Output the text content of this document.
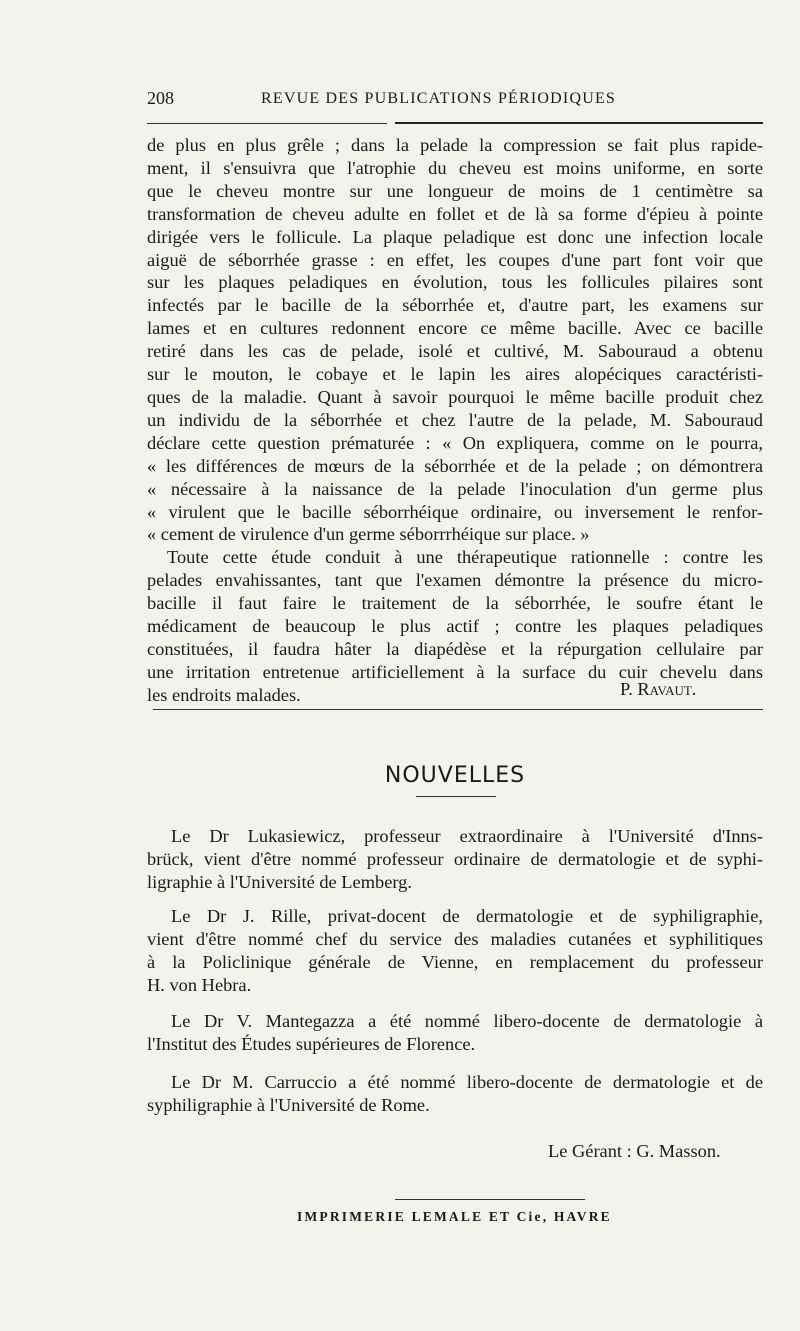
208	REVUE DES PUBLICATIONS PÉRIODIQUES
de plus en plus grêle ; dans la pelade la compression se fait plus rapide-
ment, il s'ensuivra que l'atrophie du cheveu est moins uniforme, en sorte
que le cheveu montre sur une longueur de moins de 1 centimètre sa
transformation de cheveu adulte en follet et de là sa forme d'épieu à pointe
dirigée vers le follicule. La plaque peladique est donc une infection locale
aiguë de séborrhée grasse : en effet, les coupes d'une part font voir que
sur les plaques peladiques en évolution, tous les follicules pilaires sont
infectés par le bacille de la séborrhée et, d'autre part, les examens sur
lames et en cultures redonnent encore ce même bacille. Avec ce bacille
retiré dans les cas de pelade, isolé et cultivé, M. Sabouraud a obtenu
sur le mouton, le cobaye et le lapin les aires alopéciques caractéristi-
ques de la maladie. Quant à savoir pourquoi le même bacille produit chez
un individu de la séborrhée et chez l'autre de la pelade, M. Sabouraud
déclare cette question prématurée : « On expliquera, comme on le pourra,
« les différences de mœurs de la séborrhée et de la pelade ; on démontrera
« nécessaire à la naissance de la pelade l'inoculation d'un germe plus
« virulent que le bacille séborrhéique ordinaire, ou inversement le renfor-
« cement de virulence d'un germe séborrrhéique sur place. »
Toute cette étude conduit à une thérapeutique rationnelle : contre les
pelades envahissantes, tant que l'examen démontre la présence du micro-
bacille il faut faire le traitement de la séborrhée, le soufre étant le
médicament de beaucoup le plus actif ; contre les plaques peladiques
constituées, il faudra hâter la diapédèse et la répurgation cellulaire par
une irritation entretenue artificiellement à la surface du cuir chevelu dans
les endroits malades.	P. Ravaut.
NOUVELLES
Le Dr Lukasiewicz, professeur extraordinaire à l'Université d'Inns-
brück, vient d'être nommé professeur ordinaire de dermatologie et de syphi-
ligraphie à l'Université de Lemberg.
Le Dr J. Rille, privat-docent de dermatologie et de syphiligraphie,
vient d'être nommé chef du service des maladies cutanées et syphilitiques
à la Policlinique générale de Vienne, en remplacement du professeur
H. von Hebra.
Le Dr V. Mantegazza a été nommé libero-docente de dermatologie à
l'Institut des Études supérieures de Florence.
Le Dr M. Carruccio a été nommé libero-docente de dermatologie et de
syphiligraphie à l'Université de Rome.
Le Gérant : G. Masson.
IMPRIMERIE LEMALE ET Cie, HAVRE
